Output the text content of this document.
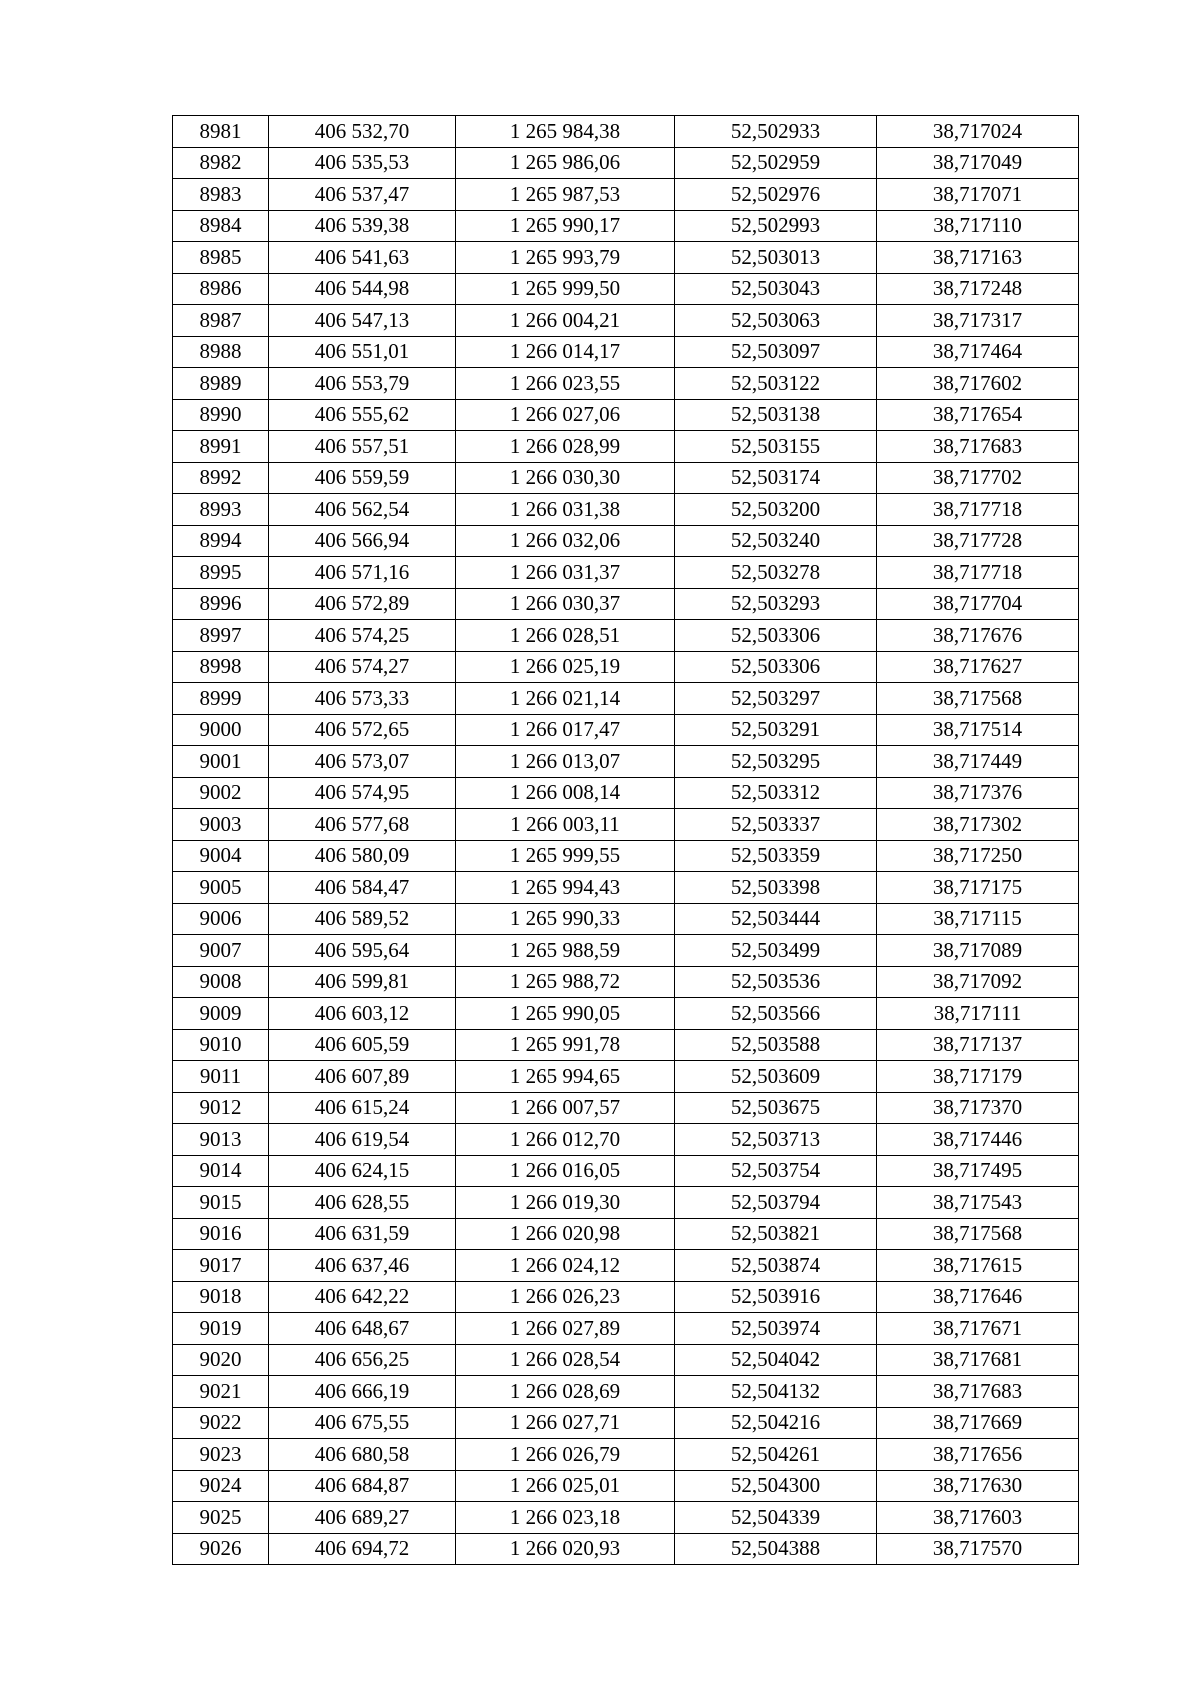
8981	406 532,70	1 265 984,38	52,502933	38,717024
8982	406 535,53	1 265 986,06	52,502959	38,717049
8983	406 537,47	1 265 987,53	52,502976	38,717071
8984	406 539,38	1 265 990,17	52,502993	38,717110
8985	406 541,63	1 265 993,79	52,503013	38,717163
8986	406 544,98	1 265 999,50	52,503043	38,717248
8987	406 547,13	1 266 004,21	52,503063	38,717317
8988	406 551,01	1 266 014,17	52,503097	38,717464
8989	406 553,79	1 266 023,55	52,503122	38,717602
8990	406 555,62	1 266 027,06	52,503138	38,717654
8991	406 557,51	1 266 028,99	52,503155	38,717683
8992	406 559,59	1 266 030,30	52,503174	38,717702
8993	406 562,54	1 266 031,38	52,503200	38,717718
8994	406 566,94	1 266 032,06	52,503240	38,717728
8995	406 571,16	1 266 031,37	52,503278	38,717718
8996	406 572,89	1 266 030,37	52,503293	38,717704
8997	406 574,25	1 266 028,51	52,503306	38,717676
8998	406 574,27	1 266 025,19	52,503306	38,717627
8999	406 573,33	1 266 021,14	52,503297	38,717568
9000	406 572,65	1 266 017,47	52,503291	38,717514
9001	406 573,07	1 266 013,07	52,503295	38,717449
9002	406 574,95	1 266 008,14	52,503312	38,717376
9003	406 577,68	1 266 003,11	52,503337	38,717302
9004	406 580,09	1 265 999,55	52,503359	38,717250
9005	406 584,47	1 265 994,43	52,503398	38,717175
9006	406 589,52	1 265 990,33	52,503444	38,717115
9007	406 595,64	1 265 988,59	52,503499	38,717089
9008	406 599,81	1 265 988,72	52,503536	38,717092
9009	406 603,12	1 265 990,05	52,503566	38,717111
9010	406 605,59	1 265 991,78	52,503588	38,717137
9011	406 607,89	1 265 994,65	52,503609	38,717179
9012	406 615,24	1 266 007,57	52,503675	38,717370
9013	406 619,54	1 266 012,70	52,503713	38,717446
9014	406 624,15	1 266 016,05	52,503754	38,717495
9015	406 628,55	1 266 019,30	52,503794	38,717543
9016	406 631,59	1 266 020,98	52,503821	38,717568
9017	406 637,46	1 266 024,12	52,503874	38,717615
9018	406 642,22	1 266 026,23	52,503916	38,717646
9019	406 648,67	1 266 027,89	52,503974	38,717671
9020	406 656,25	1 266 028,54	52,504042	38,717681
9021	406 666,19	1 266 028,69	52,504132	38,717683
9022	406 675,55	1 266 027,71	52,504216	38,717669
9023	406 680,58	1 266 026,79	52,504261	38,717656
9024	406 684,87	1 266 025,01	52,504300	38,717630
9025	406 689,27	1 266 023,18	52,504339	38,717603
9026	406 694,72	1 266 020,93	52,504388	38,717570
